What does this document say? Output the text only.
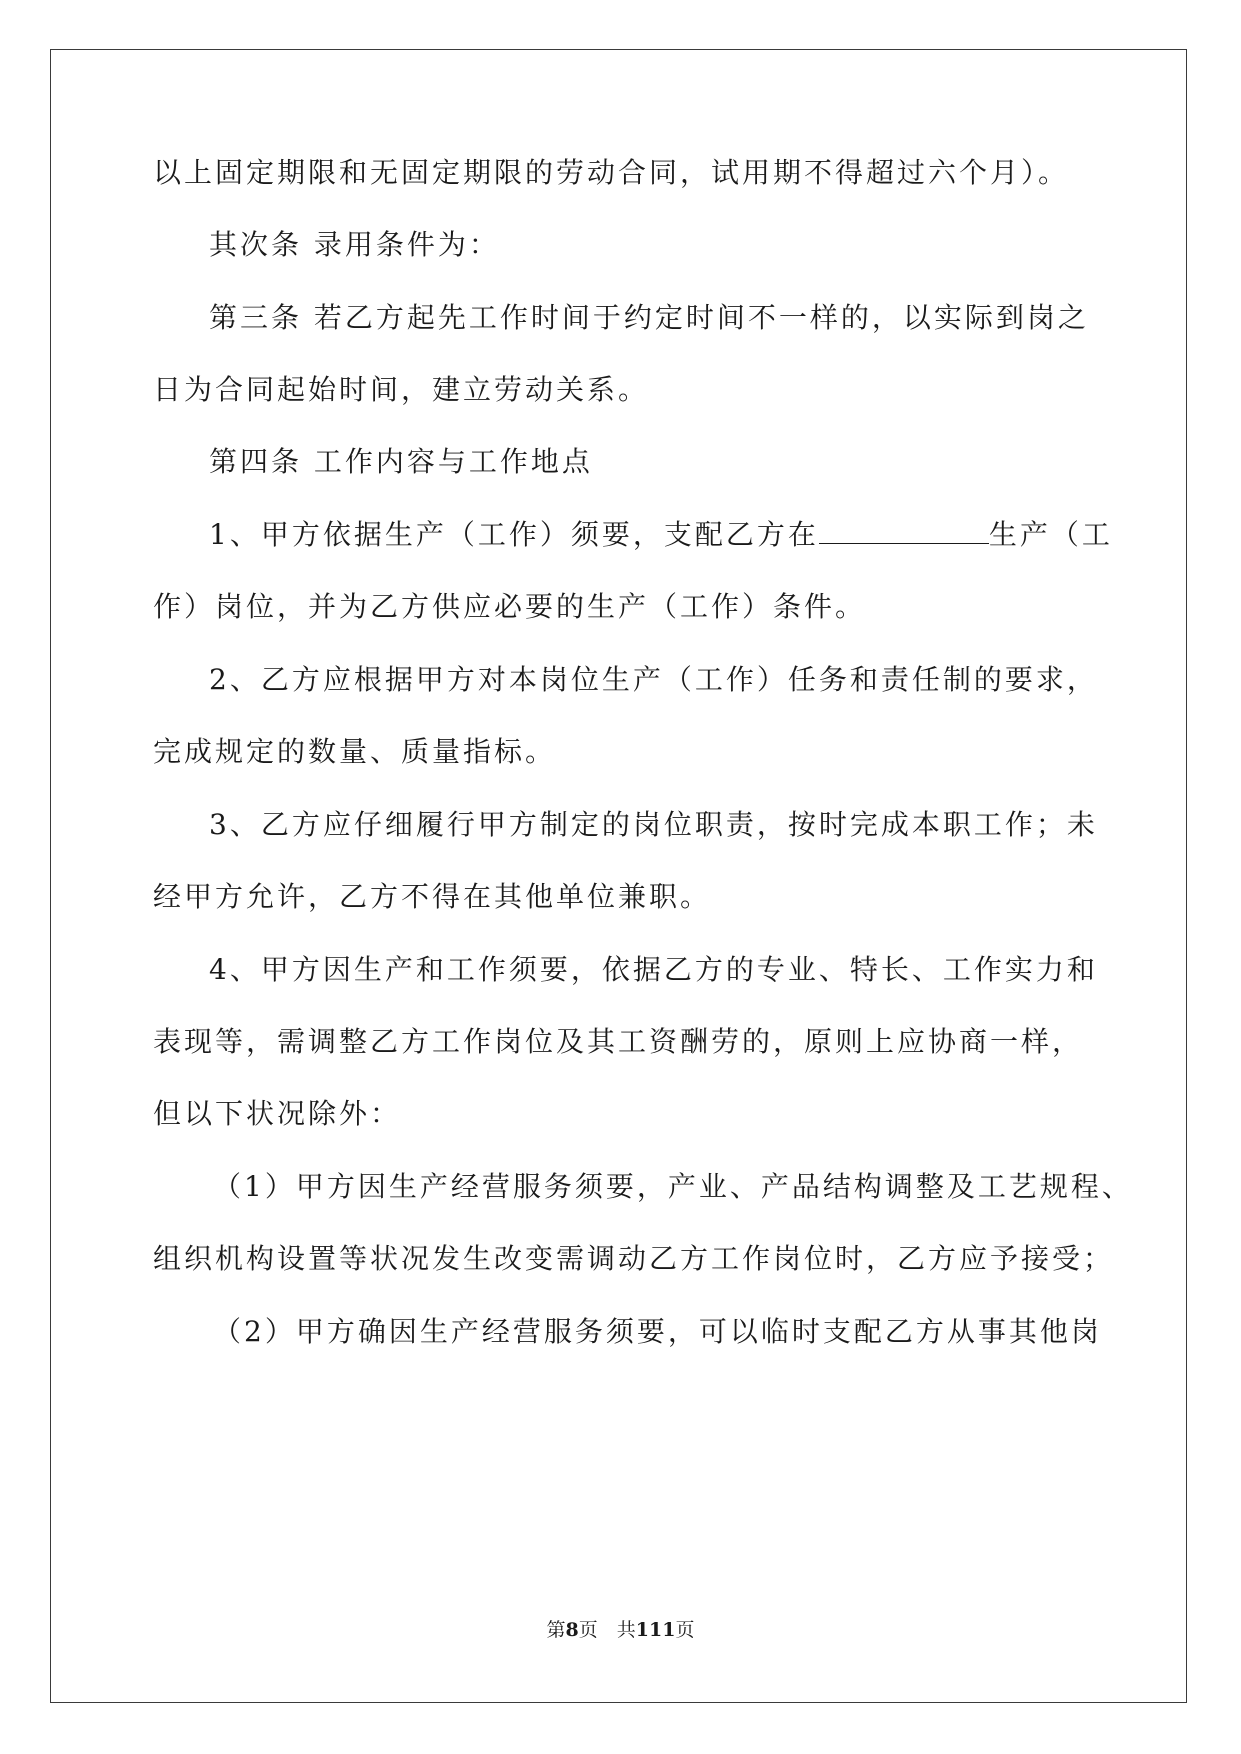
以上固定期限和无固定期限的劳动合同，试用期不得超过六个月）。
其次条 录用条件为：
第三条 若乙方起先工作时间于约定时间不一样的，以实际到岗之
日为合同起始时间，建立劳动关系。
第四条 工作内容与工作地点
1、甲方依据生产（工作）须要，支配乙方在	生产（工
作）岗位，并为乙方供应必要的生产（工作）条件。
2、乙方应根据甲方对本岗位生产（工作）任务和责任制的要求，
完成规定的数量、质量指标。
3、乙方应仔细履行甲方制定的岗位职责，按时完成本职工作；未
经甲方允许，乙方不得在其他单位兼职。
4、甲方因生产和工作须要，依据乙方的专业、特长、工作实力和
表现等，需调整乙方工作岗位及其工资酬劳的，原则上应协商一样，
但以下状况除外：
（1）甲方因生产经营服务须要，产业、产品结构调整及工艺规程、
组织机构设置等状况发生改变需调动乙方工作岗位时，乙方应予接受；
（2）甲方确因生产经营服务须要，可以临时支配乙方从事其他岗
第8页　共111页
